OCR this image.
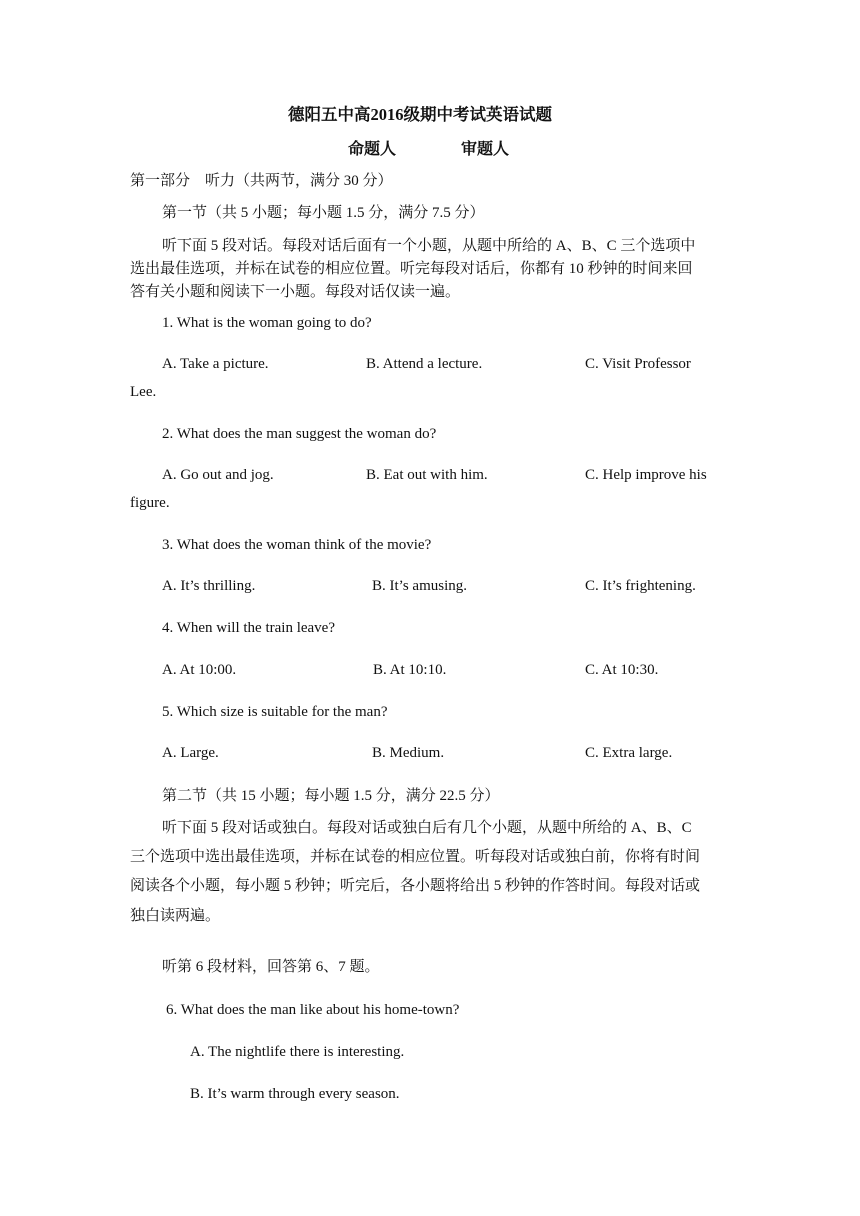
德阳五中高2016级期中考试英语试题
命题人	审题人
第一部分　听力（共两节，满分 30 分）
第一节（共 5 小题；每小题 1.5 分，满分 7.5 分）
听下面 5 段对话。每段对话后面有一个小题，从题中所给的 A、B、C 三个选项中
选出最佳选项，并标在试卷的相应位置。听完每段对话后，你都有 10 秒钟的时间来回
答有关小题和阅读下一小题。每段对话仅读一遍。
1. What is the woman going to do?
A. Take a picture.	B. Attend a lecture.	C. Visit Professor
Lee.
2. What does the man suggest the woman do?
A. Go out and jog.	B. Eat out with him.	C. Help improve his
figure.
3. What does the woman think of the movie?
A. It’s thrilling.	B. It’s amusing.	C. It’s frightening.
4. When will the train leave?
A. At 10:00.	B. At 10:10.	C. At 10:30.
5. Which size is suitable for the man?
A. Large.	B. Medium.	C. Extra large.
第二节（共 15 小题；每小题 1.5 分，满分 22.5 分）
听下面 5 段对话或独白。每段对话或独白后有几个小题，从题中所给的 A、B、C
三个选项中选出最佳选项，并标在试卷的相应位置。听每段对话或独白前，你将有时间
阅读各个小题，每小题 5 秒钟；听完后，各小题将给出 5 秒钟的作答时间。每段对话或
独白读两遍。
听第 6 段材料，回答第 6、7 题。
6. What does the man like about his home-town?
A. The nightlife there is interesting.
B. It’s warm through every season.
